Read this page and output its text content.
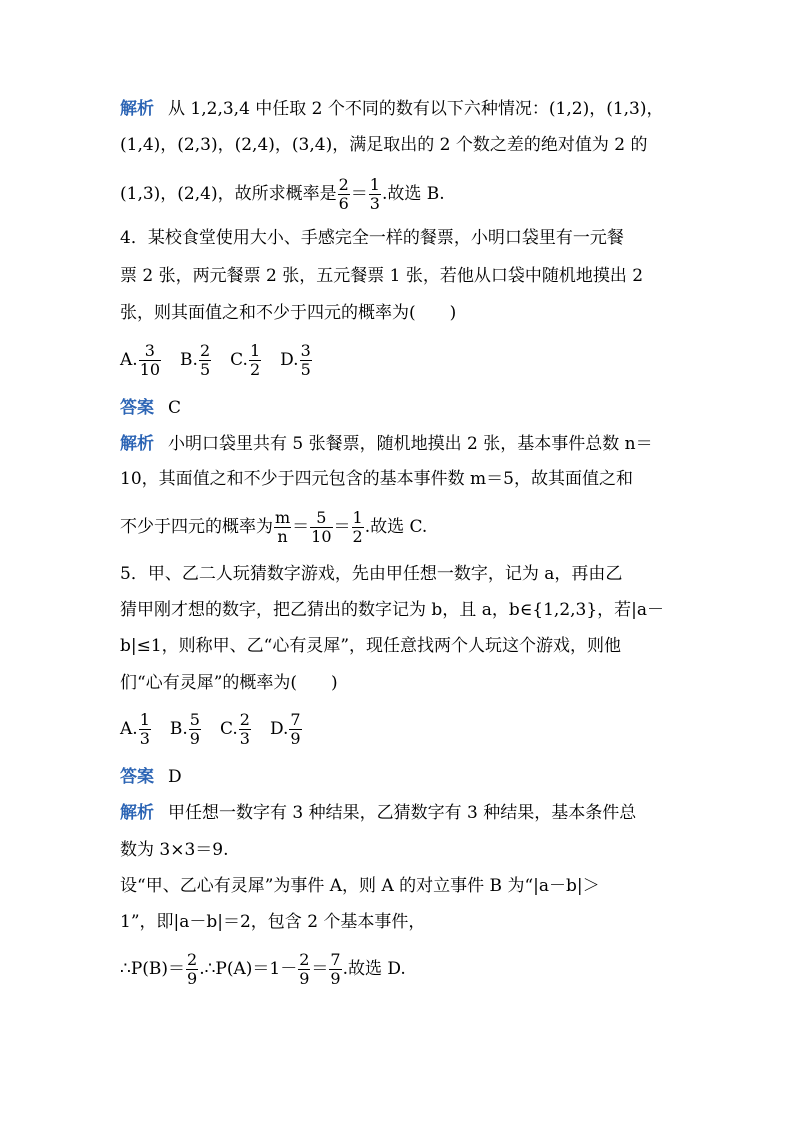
解析 从 1,2,3,4 中任取 2 个不同的数有以下六种情况：(1,2)，(1,3)，
(1,4)，(2,3)，(2,4)，(3,4)，满足取出的 2 个数之差的绝对值为 2 的
(1,3)，(2,4)，故所求概率是 $\frac{2}{6} = \frac{1}{3}$ .故选 B.
4．某校食堂使用大小、手感完全一样的餐票，小明口袋里有一元餐
票 2 张，两元餐票 2 张，五元餐票 1 张，若他从口袋中随机地摸出 2
张，则其面值之和不少于四元的概率为( )
A. $\frac{3}{10} B$. $\frac{2}{5} C$. $\frac{1}{2} D$. $\frac{3}{5}$
答案 C
解析 小明口袋里共有 5 张餐票，随机地摸出 2 张，基本事件总数 n＝
10，其面值之和不少于四元包含的基本事件数 m＝5，故其面值之和
不少于四元的概率为 $\frac{m}{n} = \frac{5}{10} = \frac{1}{2}$ .故选 C.
5．甲、乙二人玩猜数字游戏，先由甲任想一数字，记为 a，再由乙
猜甲刚才想的数字，把乙猜出的数字记为 b，且 a，b∈{1,2,3}，若|a－
b|≤1，则称甲、乙“心有灵犀”，现任意找两个人玩这个游戏，则他
们“心有灵犀”的概率为( )
A. $\frac{1}{3} B$. $\frac{5}{9} C$. $\frac{2}{3} D$. $\frac{7}{9}$
答案 D
解析 甲任想一数字有 3 种结果，乙猜数字有 3 种结果，基本条件总
数为 3×3＝9.
设“甲、乙心有灵犀”为事件 A，则 A 的对立事件 B 为“|a－b|＞
1”，即|a－b|＝2，包含 2 个基本事件，
∴P(B)＝ $\frac{2}{9}$ .∴P(A)＝1－ $\frac{2}{9} = \frac{7}{9}$ .故选 D.
